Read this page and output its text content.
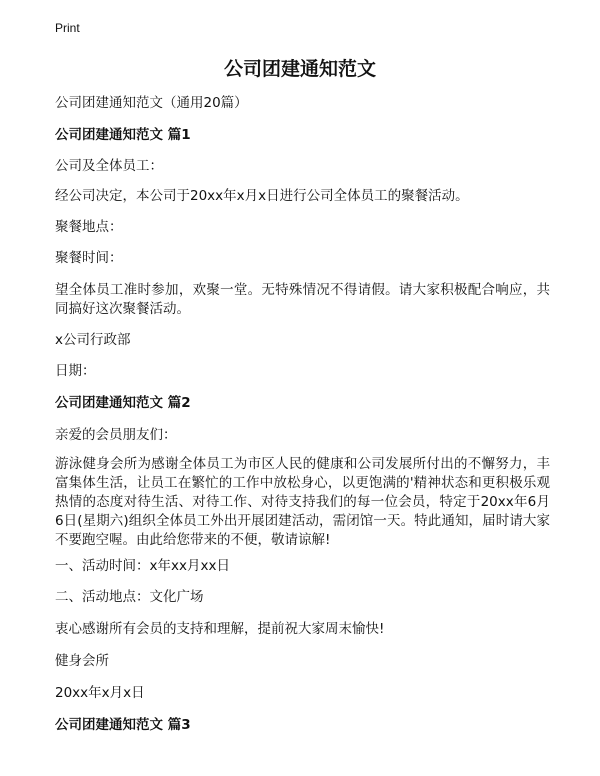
Print
公司团建通知范文
公司团建通知范文（通用20篇）
公司团建通知范文 篇1
公司及全体员工：
经公司决定，本公司于20xx年x月x日进行公司全体员工的聚餐活动。
聚餐地点：
聚餐时间：
望全体员工准时参加，欢聚一堂。无特殊情况不得请假。请大家积极配合响应，共同搞好这次聚餐活动。
x公司行政部
日期：
公司团建通知范文 篇2
亲爱的会员朋友们：
游泳健身会所为感谢全体员工为市区人民的健康和公司发展所付出的不懈努力，丰富集体生活，让员工在繁忙的工作中放松身心，以更饱满的'精神状态和更积极乐观热情的态度对待生活、对待工作、对待支持我们的每一位会员，特定于20xx年6月6日(星期六)组织全体员工外出开展团建活动，需闭馆一天。特此通知，届时请大家不要跑空喔。由此给您带来的不便，敬请谅解!
一、活动时间：x年xx月xx日
二、活动地点：文化广场
衷心感谢所有会员的支持和理解，提前祝大家周末愉快!
健身会所
20xx年x月x日
公司团建通知范文 篇3
